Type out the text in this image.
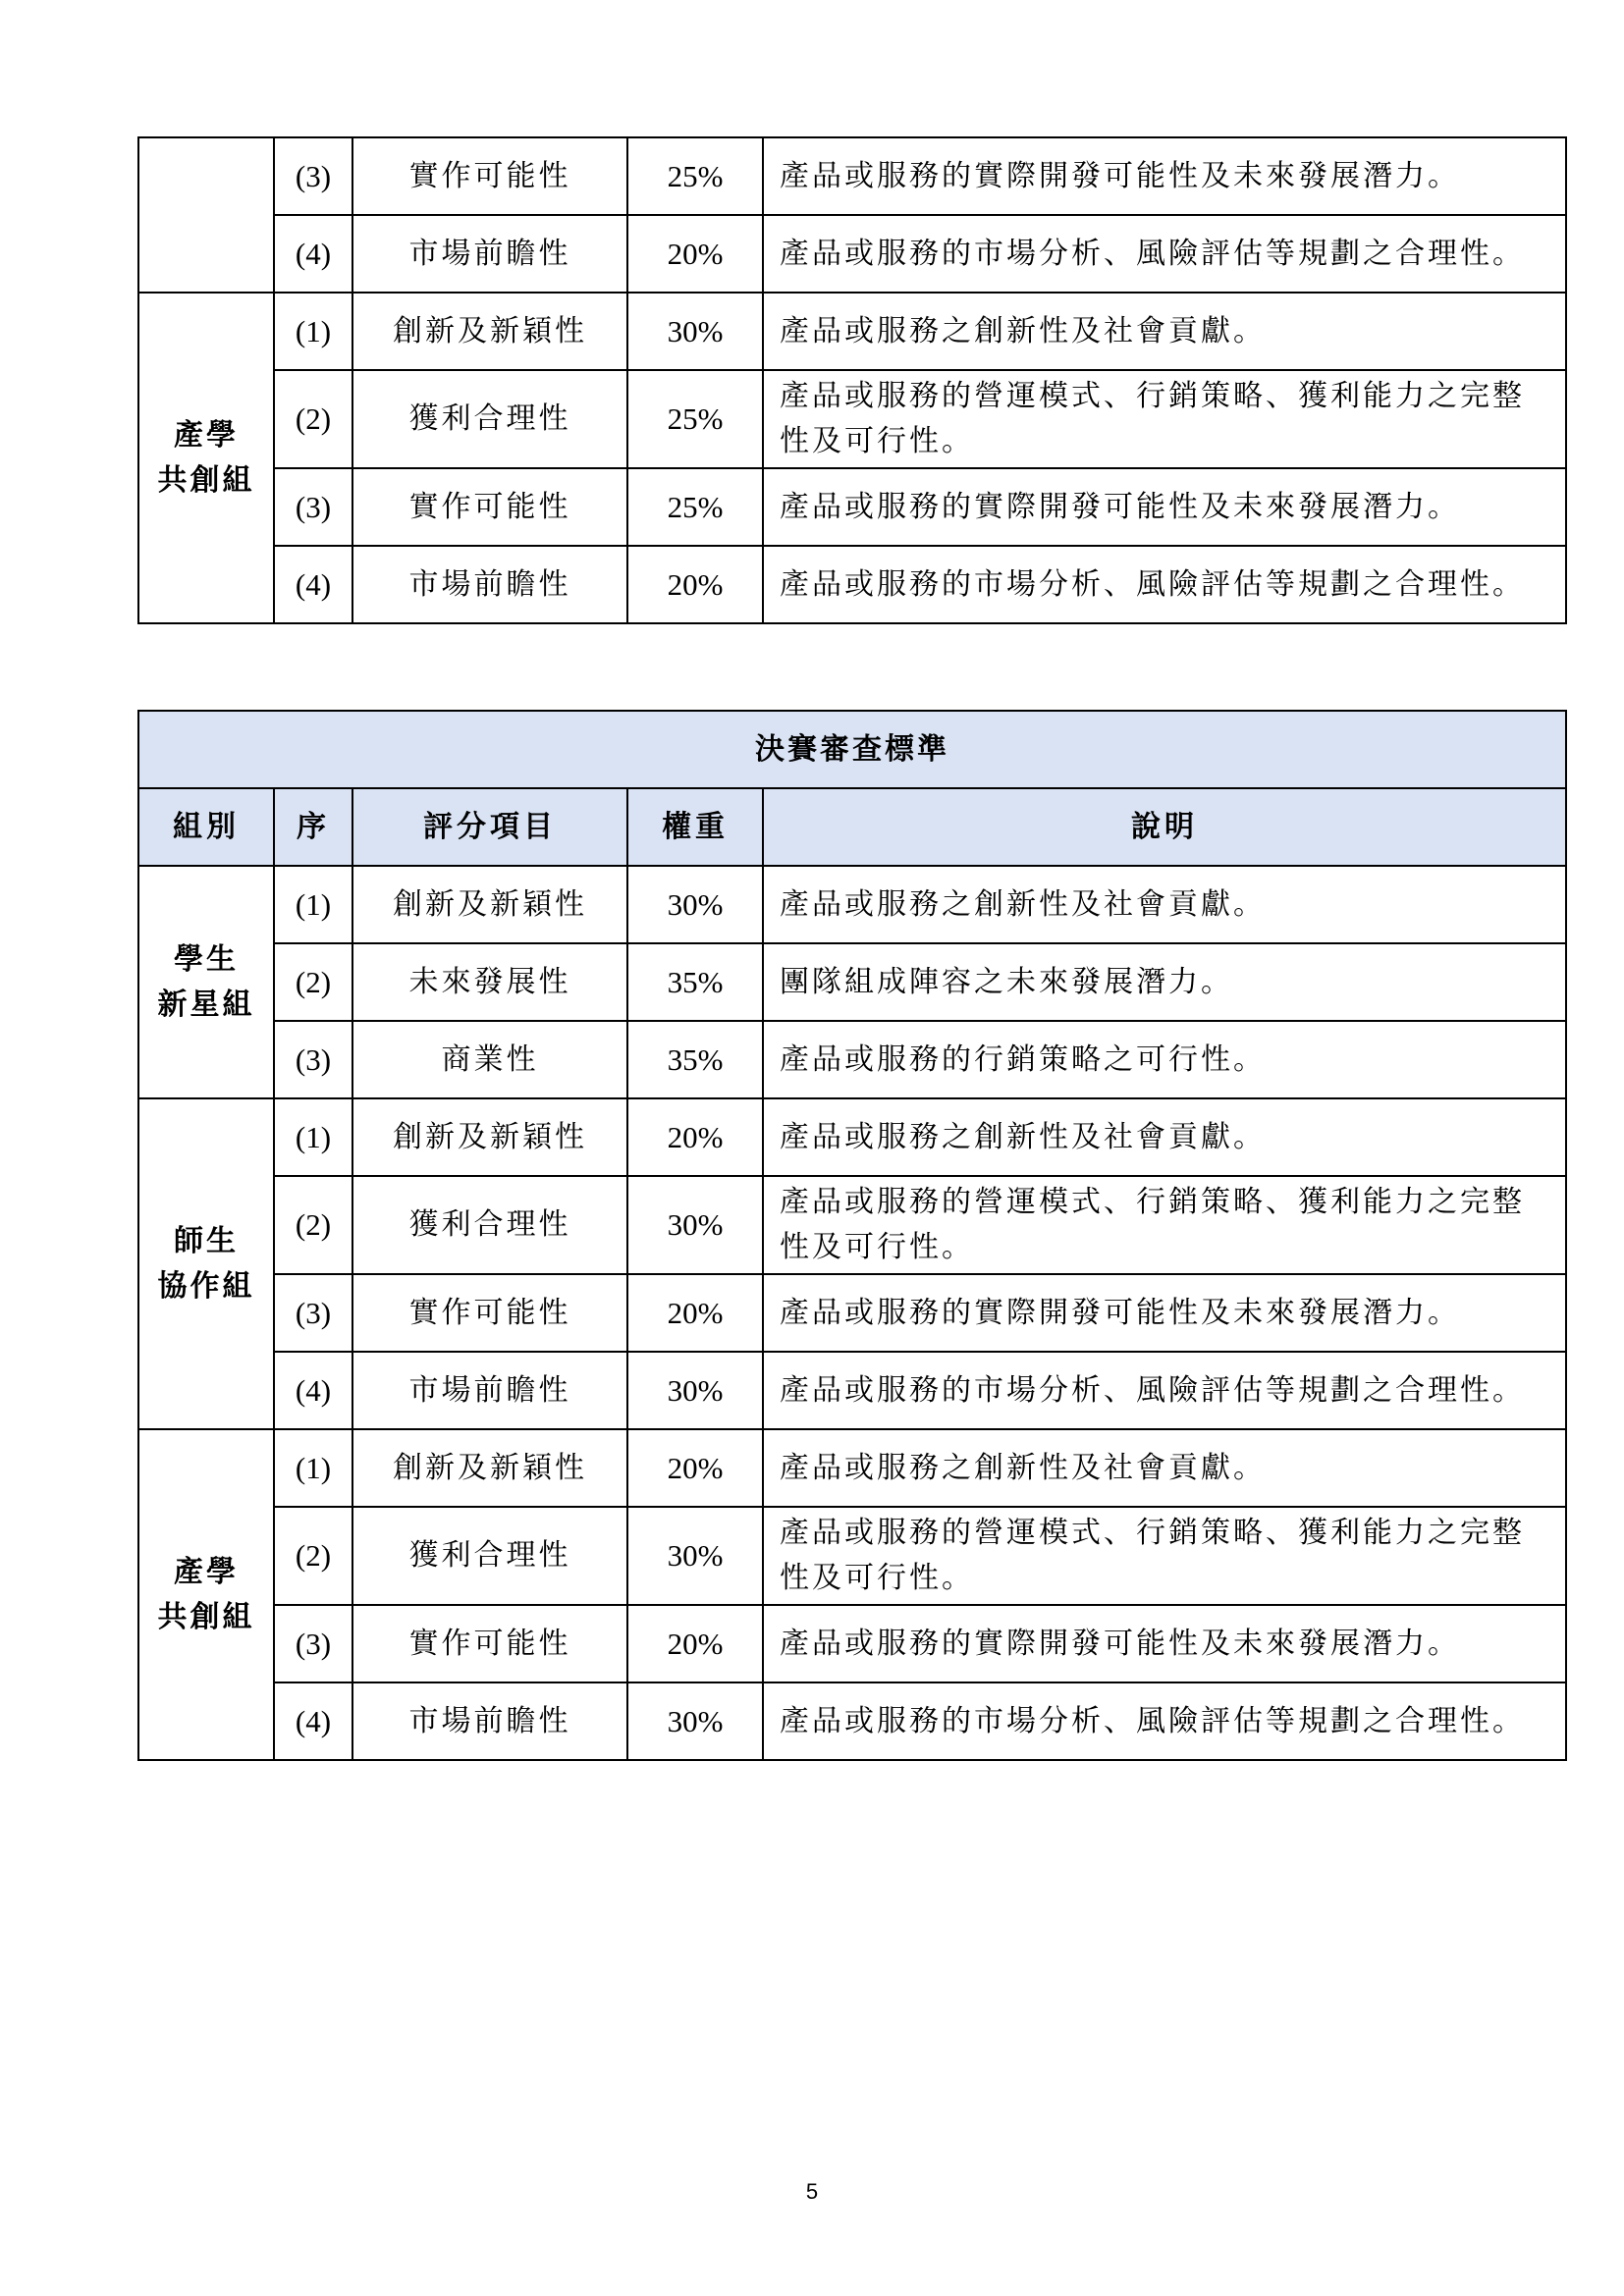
	(3)	實作可能性	25%	產品或服務的實際開發可能性及未來發展潛力。
	(4)	市場前瞻性	20%	產品或服務的市場分析、風險評估等規劃之合理性。
產學
共創組	(1)	創新及新穎性	30%	產品或服務之創新性及社會貢獻。
	(2)	獲利合理性	25%	產品或服務的營運模式、行銷策略、獲利能力之完整性及可行性。
	(3)	實作可能性	25%	產品或服務的實際開發可能性及未來發展潛力。
	(4)	市場前瞻性	20%	產品或服務的市場分析、風險評估等規劃之合理性。
決賽審查標準				
組別	序	評分項目	權重	說明
學生
新星組	(1)	創新及新穎性	30%	產品或服務之創新性及社會貢獻。
	(2)	未來發展性	35%	團隊組成陣容之未來發展潛力。
	(3)	商業性	35%	產品或服務的行銷策略之可行性。
師生
協作組	(1)	創新及新穎性	20%	產品或服務之創新性及社會貢獻。
	(2)	獲利合理性	30%	產品或服務的營運模式、行銷策略、獲利能力之完整性及可行性。
	(3)	實作可能性	20%	產品或服務的實際開發可能性及未來發展潛力。
	(4)	市場前瞻性	30%	產品或服務的市場分析、風險評估等規劃之合理性。
產學
共創組	(1)	創新及新穎性	20%	產品或服務之創新性及社會貢獻。
	(2)	獲利合理性	30%	產品或服務的營運模式、行銷策略、獲利能力之完整性及可行性。
	(3)	實作可能性	20%	產品或服務的實際開發可能性及未來發展潛力。
	(4)	市場前瞻性	30%	產品或服務的市場分析、風險評估等規劃之合理性。
5
